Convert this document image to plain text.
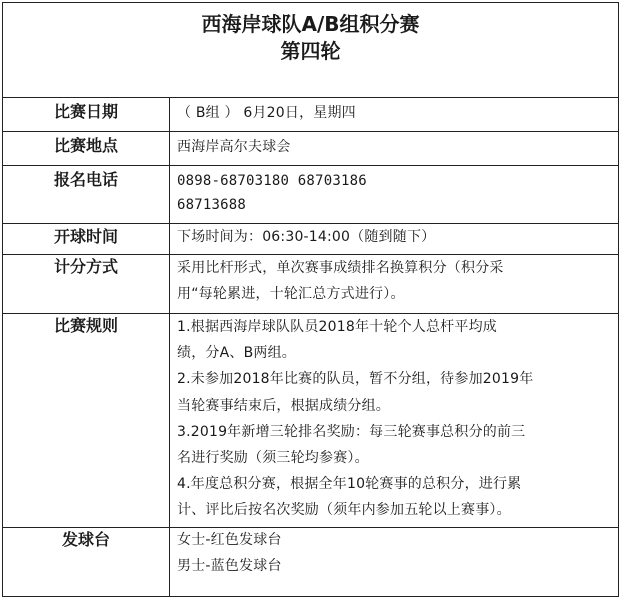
西海岸球队A/B组积分赛
第四轮
比赛日期	（ B组 ） 6月20日，星期四
比赛地点	西海岸高尔夫球会
报名电话	0898-68703180 68703186
68713688
开球时间	下场时间为：06:30-14:00（随到随下）
计分方式	采用比杆形式，单次赛事成绩排名换算积分（积分采
用“每轮累进，十轮汇总方式进行）。
比赛规则	1.根据西海岸球队队员2018年十轮个人总杆平均成
绩，分A、B两组。
2.未参加2018年比赛的队员，暂不分组，待参加2019年
当轮赛事结束后，根据成绩分组。
3.2019年新增三轮排名奖励：每三轮赛事总积分的前三
名进行奖励（须三轮均参赛）。
4.年度总积分赛，根据全年10轮赛事的总积分，进行累
计、评比后按名次奖励（须年内参加五轮以上赛事）。
发球台	女士-红色发球台
男士-蓝色发球台
